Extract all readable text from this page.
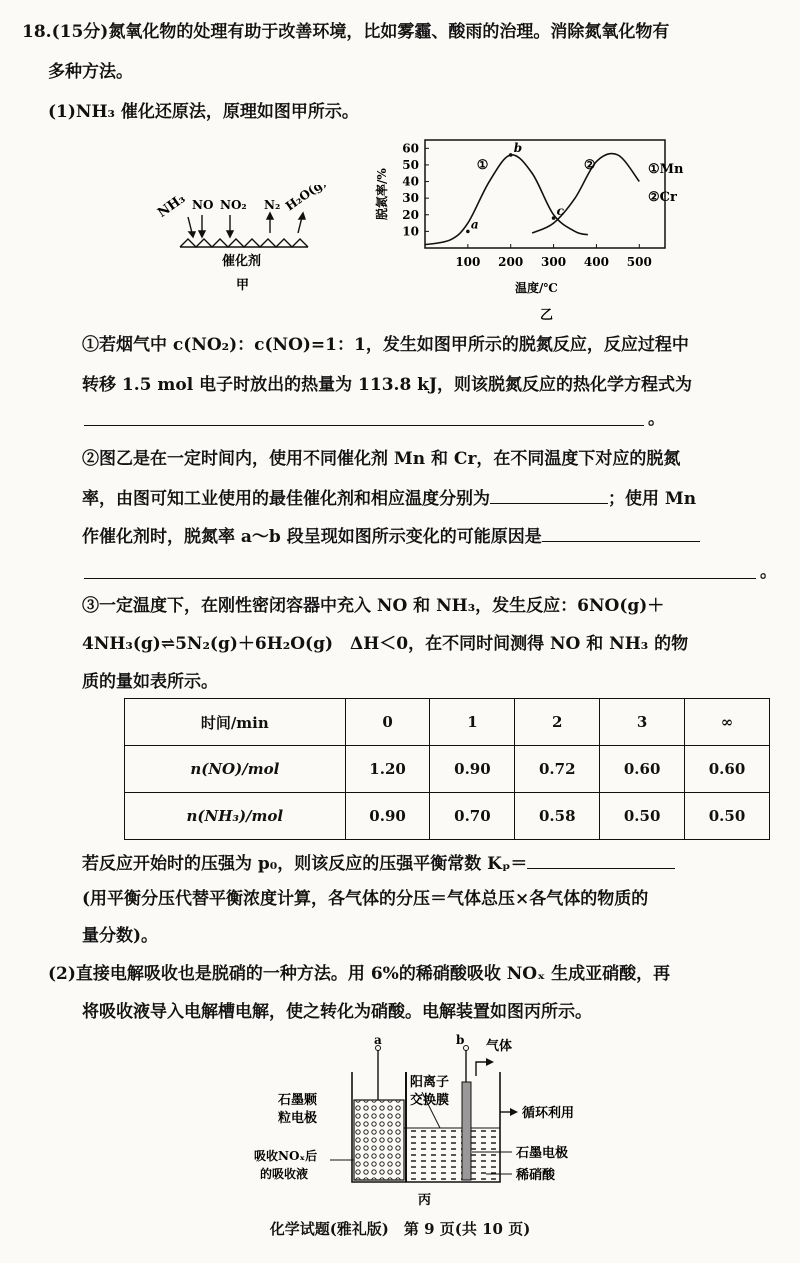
18.(15分)氮氧化物的处理有助于改善环境，比如雾霾、酸雨的治理。消除氮氧化物有
多种方法。
(1)NH₃ 催化还原法，原理如图甲所示。
NH₃ NO NO₂ N₂ H₂O(g)
催化剂
甲
脱氮率/%
温度/℃
乙
①Mn
②Cr
10
20
30
40
50
60
100 200 300 400 500
①	②
a
b
c
①若烟气中 c(NO₂)：c(NO)=1：1，发生如图甲所示的脱氮反应，反应过程中
转移 1.5 mol 电子时放出的热量为 113.8 kJ，则该脱氮反应的热化学方程式为
。
②图乙是在一定时间内，使用不同催化剂 Mn 和 Cr，在不同温度下对应的脱氮
率，由图可知工业使用的最佳催化剂和相应温度分别为	；使用 Mn
作催化剂时，脱氮率 a～b 段呈现如图所示变化的可能原因是
。
③一定温度下，在刚性密闭容器中充入 NO 和 NH₃，发生反应：6NO(g)＋
4NH₃(g)⇌5N₂(g)＋6H₂O(g)　ΔH＜0，在不同时间测得 NO 和 NH₃ 的物
质的量如表所示。
时间/min	0	1	2	3	∞
n(NO)/mol	1.20	0.90	0.72	0.60	0.60
n(NH₃)/mol	0.90	0.70	0.58	0.50	0.50
若反应开始时的压强为 p₀，则该反应的压强平衡常数 Kₚ＝
(用平衡分压代替平衡浓度计算，各气体的分压＝气体总压×各气体的物质的
量分数)。
(2)直接电解吸收也是脱硝的一种方法。用 6%的稀硝酸吸收 NOₓ 生成亚硝酸，再
将吸收液导入电解槽电解，使之转化为硝酸。电解装置如图丙所示。
a	b 气体
石墨颗
粒电极
阳离子
交换膜
吸收NOₓ后
的吸收液
循环利用
石墨电极
稀硝酸
丙
化学试题(雅礼版)　第 9 页(共 10 页)
